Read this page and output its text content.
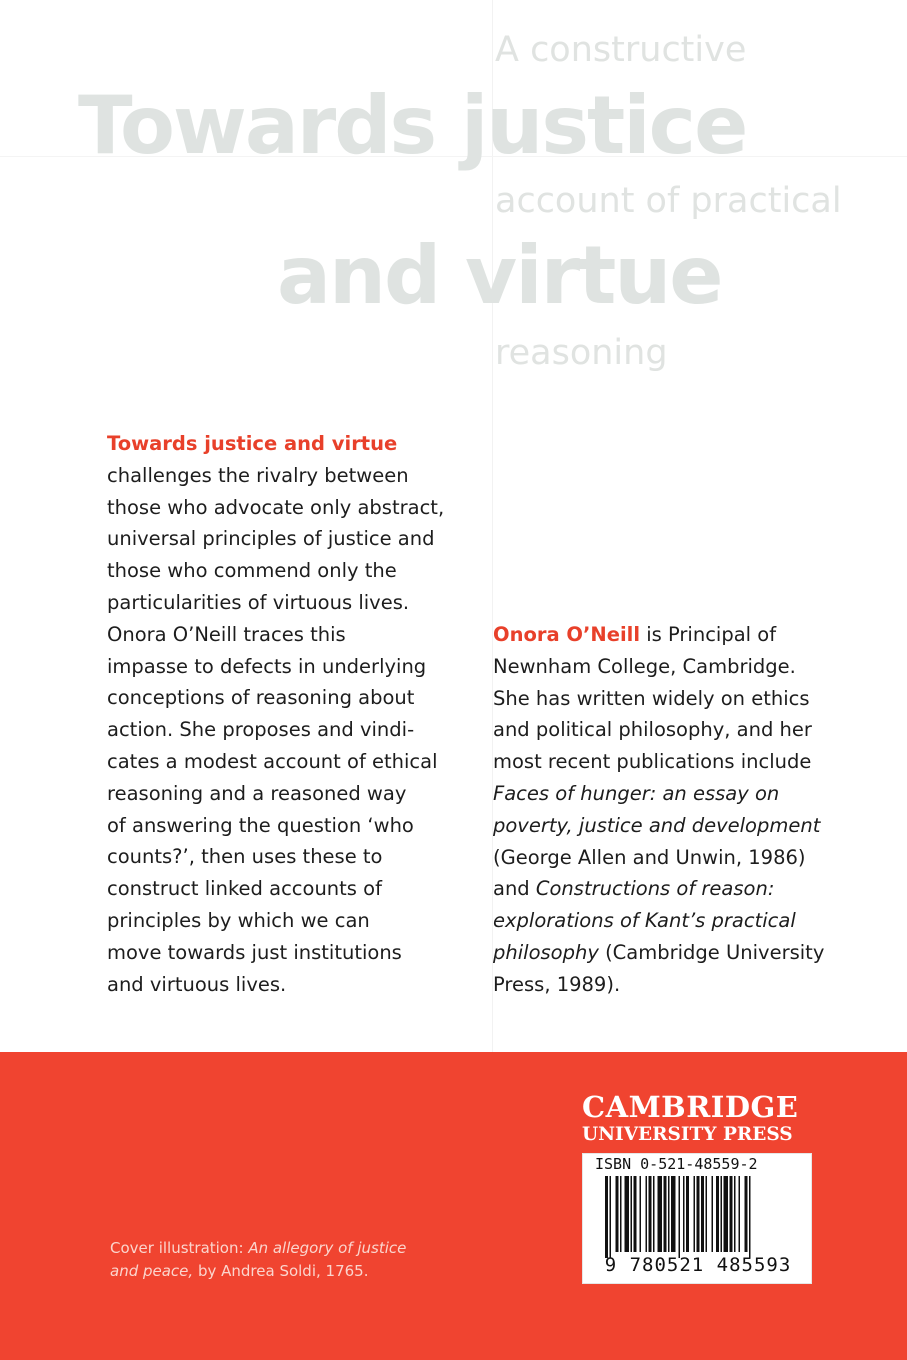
Towards justice
and virtue
A constructive
account of practical
reasoning
Towards justice and virtue
challenges the rivalry between
those who advocate only abstract,
universal principles of justice and
those who commend only the
particularities of virtuous lives.
Onora O’Neill traces this
impasse to defects in underlying
conceptions of reasoning about
action. She proposes and vindi-
cates a modest account of ethical
reasoning and a reasoned way
of answering the question ‘who
counts?’, then uses these to
construct linked accounts of
principles by which we can
move towards just institutions
and virtuous lives.
Onora O’Neill is Principal of
Newnham College, Cambridge.
She has written widely on ethics
and political philosophy, and her
most recent publications include
Faces of hunger: an essay on
poverty, justice and development
(George Allen and Unwin, 1986)
and Constructions of reason:
explorations of Kant’s practical
philosophy (Cambridge University
Press, 1989).
Cover illustration: An allegory of justice
and peace, by Andrea Soldi, 1765.
CAMBRIDGE
UNIVERSITY PRESS
ISBN 0-521-48559-2
9 780521 485593
